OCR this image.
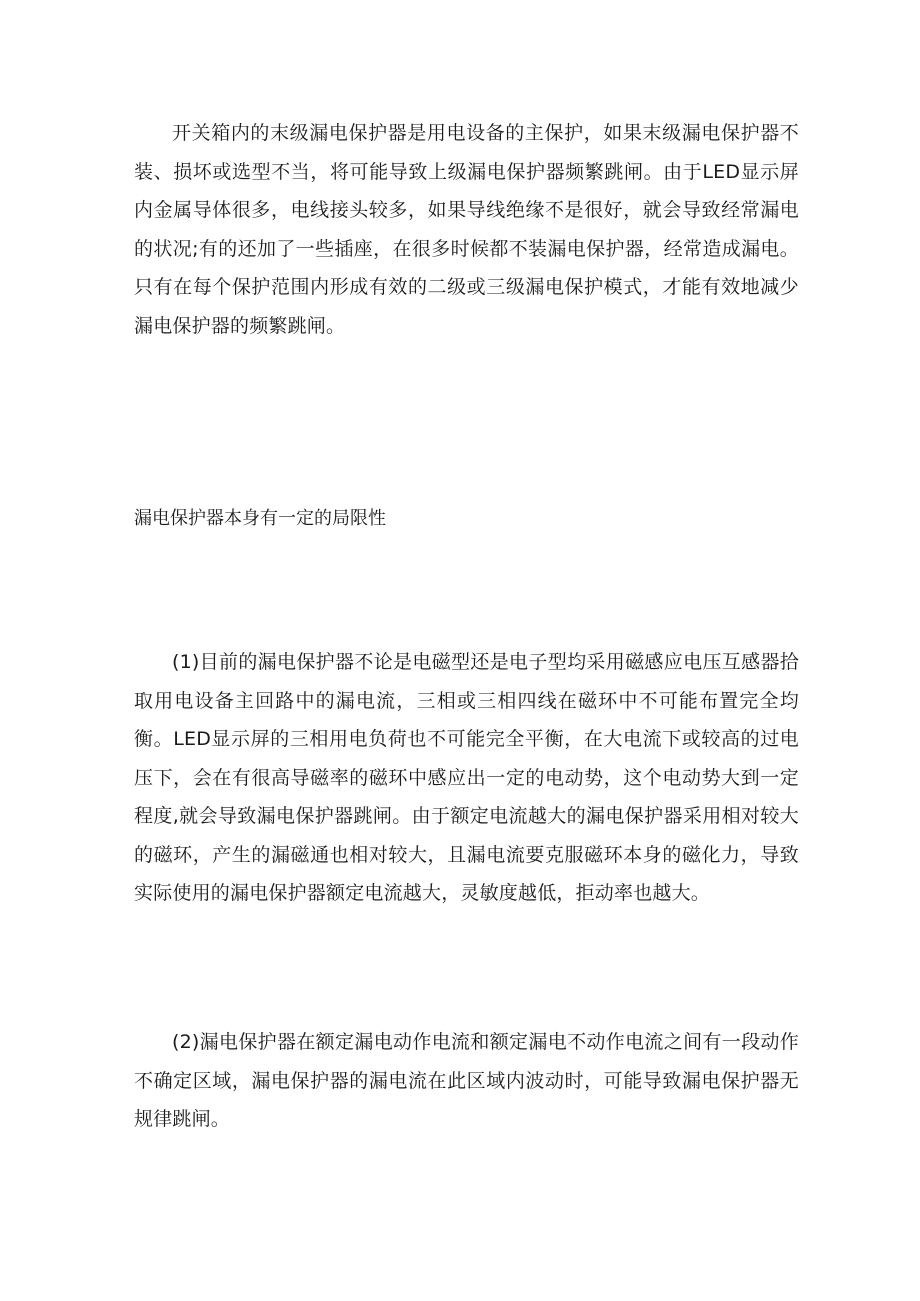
开关箱内的末级漏电保护器是用电设备的主保护，如果末级漏电保护器不装、损坏或选型不当，将可能导致上级漏电保护器频繁跳闸。由于LED显示屏内金属导体很多，电线接头较多，如果导线绝缘不是很好，就会导致经常漏电的状况;有的还加了一些插座，在很多时候都不装漏电保护器，经常造成漏电。只有在每个保护范围内形成有效的二级或三级漏电保护模式，才能有效地减少漏电保护器的频繁跳闸。

漏电保护器本身有一定的局限性

(1)目前的漏电保护器不论是电磁型还是电子型均采用磁感应电压互感器拾取用电设备主回路中的漏电流，三相或三相四线在磁环中不可能布置完全均衡。LED显示屏的三相用电负荷也不可能完全平衡，在大电流下或较高的过电压下，会在有很高导磁率的磁环中感应出一定的电动势，这个电动势大到一定程度,就会导致漏电保护器跳闸。由于额定电流越大的漏电保护器采用相对较大的磁环，产生的漏磁通也相对较大，且漏电流要克服磁环本身的磁化力，导致实际使用的漏电保护器额定电流越大，灵敏度越低，拒动率也越大。

(2)漏电保护器在额定漏电动作电流和额定漏电不动作电流之间有一段动作不确定区域，漏电保护器的漏电流在此区域内波动时，可能导致漏电保护器无规律跳闸。
